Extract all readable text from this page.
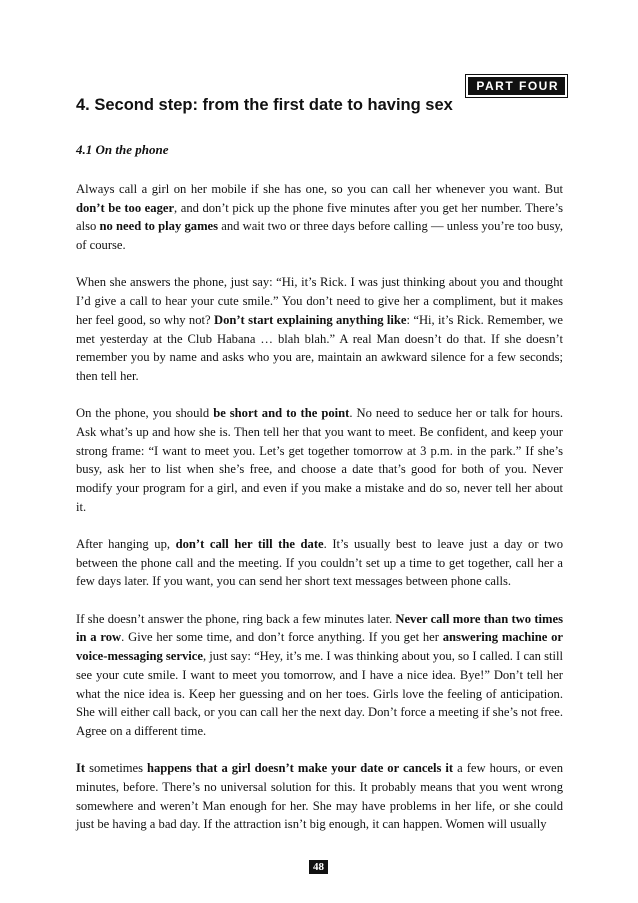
PART FOUR
4. Second step: from the first date to having sex
4.1 On the phone

Always call a girl on her mobile if she has one, so you can call her whenever you want. But don’t be too eager, and don’t pick up the phone five minutes after you get her number. There’s also no need to play games and wait two or three days before calling — unless you’re too busy, of course.

When she answers the phone, just say: “Hi, it’s Rick. I was just thinking about you and thought I’d give a call to hear your cute smile.” You don’t need to give her a compliment, but it makes her feel good, so why not? Don’t start explaining anything like: “Hi, it’s Rick. Remember, we met yesterday at the Club Habana … blah blah.” A real Man doesn’t do that. If she doesn’t remember you by name and asks who you are, maintain an awkward silence for a few seconds; then tell her.

On the phone, you should be short and to the point. No need to seduce her or talk for hours. Ask what’s up and how she is. Then tell her that you want to meet. Be confident, and keep your strong frame: “I want to meet you. Let’s get together tomorrow at 3 p.m. in the park.” If she’s busy, ask her to list when she’s free, and choose a date that’s good for both of you. Never modify your program for a girl, and even if you make a mistake and do so, never tell her about it.

After hanging up, don’t call her till the date. It’s usually best to leave just a day or two between the phone call and the meeting. If you couldn’t set up a time to get together, call her a few days later. If you want, you can send her short text messages between phone calls.

If she doesn’t answer the phone, ring back a few minutes later. Never call more than two times in a row. Give her some time, and don’t force anything. If you get her answering machine or voice-messaging service, just say: “Hey, it’s me. I was thinking about you, so I called. I can still see your cute smile. I want to meet you tomorrow, and I have a nice idea. Bye!” Don’t tell her what the nice idea is. Keep her guessing and on her toes. Girls love the feeling of anticipation. She will either call back, or you can call her the next day. Don’t force a meeting if she’s not free. Agree on a different time.

It sometimes happens that a girl doesn’t make your date or cancels it a few hours, or even minutes, before. There’s no universal solution for this. It probably means that you went wrong somewhere and weren’t Man enough for her. She may have problems in her life, or she could just be having a bad day. If the attraction isn’t big enough, it can happen. Women will usually

48
